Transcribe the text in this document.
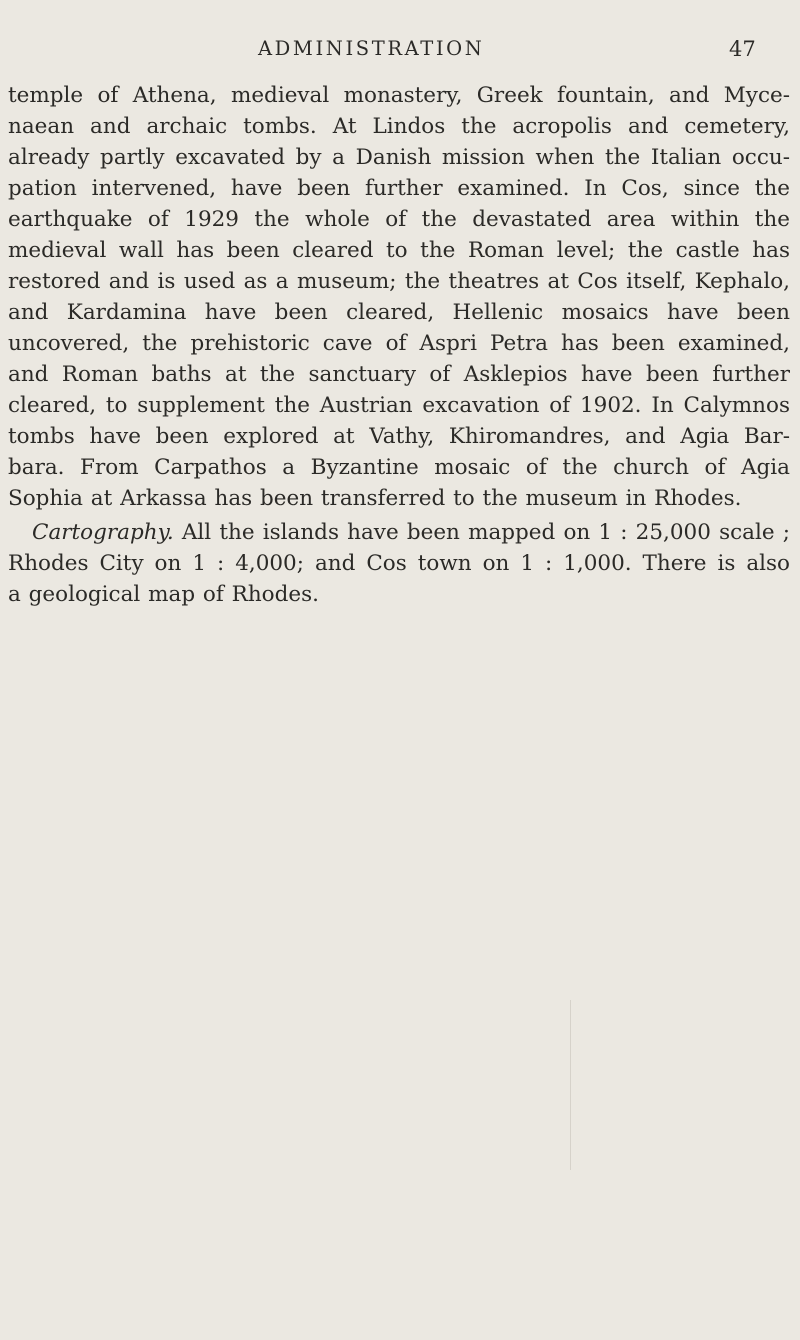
ADMINISTRATION	47
temple of Athena, medieval monastery, Greek fountain, and Myce-
naean and archaic tombs. At Lindos the acropolis and cemetery,
already partly excavated by a Danish mission when the Italian occu-
pation intervened, have been further examined. In Cos, since the
earthquake of 1929 the whole of the devastated area within the
medieval wall has been cleared to the Roman level; the castle has
restored and is used as a museum; the theatres at Cos itself, Kephalo,
and Kardamina have been cleared, Hellenic mosaics have been
uncovered, the prehistoric cave of Aspri Petra has been examined,
and Roman baths at the sanctuary of Asklepios have been further
cleared, to supplement the Austrian excavation of 1902. In Calymnos
tombs have been explored at Vathy, Khiromandres, and Agia Bar-
bara. From Carpathos a Byzantine mosaic of the church of Agia
Sophia at Arkassa has been transferred to the museum in Rhodes.
Cartography. All the islands have been mapped on 1 : 25,000 scale ;
Rhodes City on 1 : 4,000; and Cos town on 1 : 1,000. There is also
a geological map of Rhodes.
